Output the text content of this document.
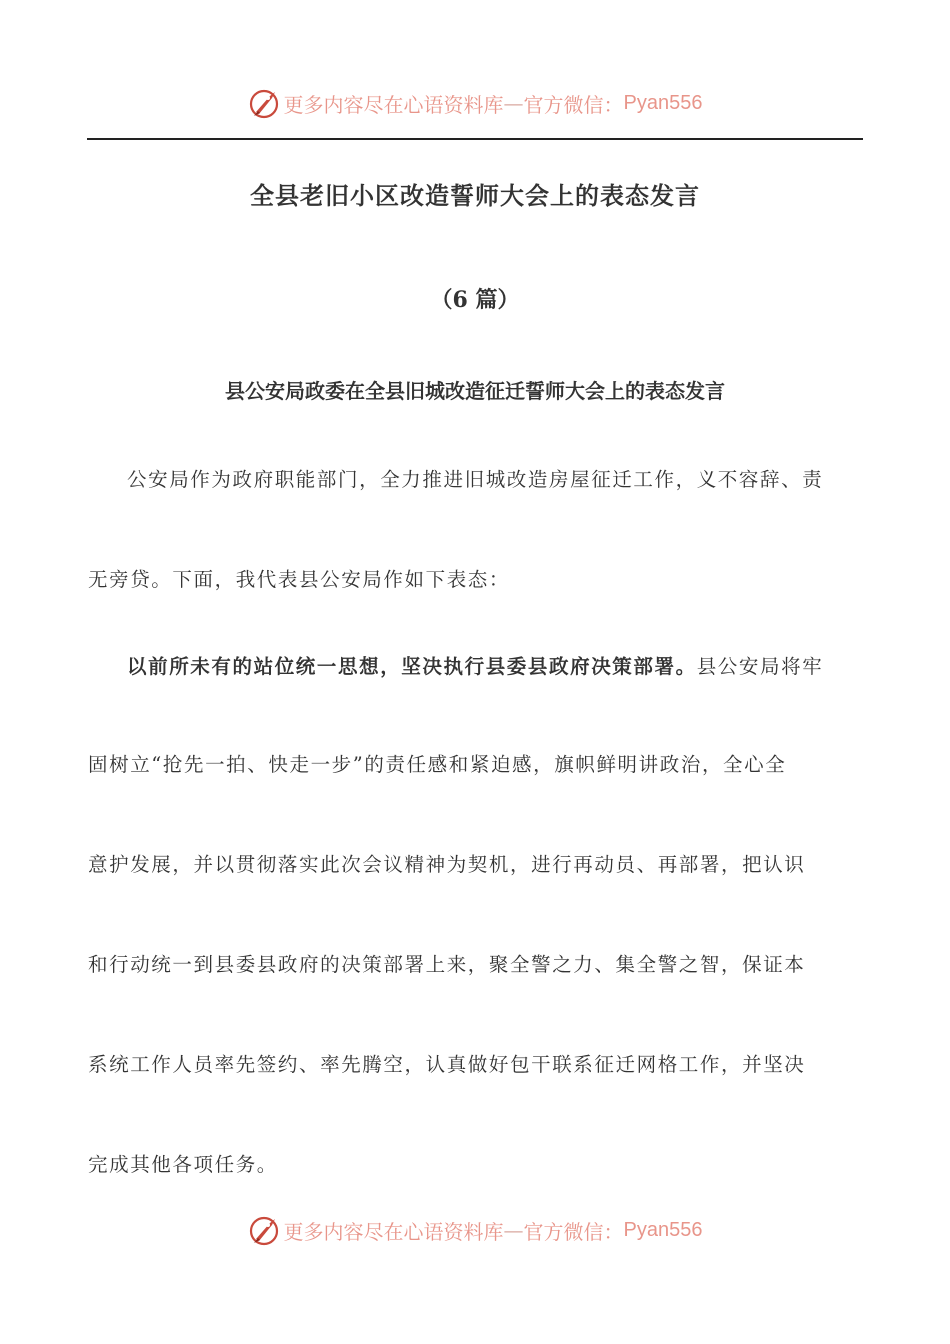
更多内容尽在心语资料库 — 官方微信： Pyan556
全县老旧小区改造誓师大会上的表态发言
（6 篇）
县公安局政委在全县旧城改造征迁誓师大会上的表态发言
公安局作为政府职能部门，全力推进旧城改造房屋征迁工作，义不容辞、责
无旁贷。下面，我代表县公安局作如下表态：
以前所未有的站位统一思想，坚决执行县委县政府决策部署。县公安局将牢
固树立“抢先一拍、快走一步”的责任感和紧迫感，旗帜鲜明讲政治，全心全
意护发展，并以贯彻落实此次会议精神为契机，进行再动员、再部署，把认识
和行动统一到县委县政府的决策部署上来，聚全警之力、集全警之智，保证本
系统工作人员率先签约、率先腾空，认真做好包干联系征迁网格工作，并坚决
完成其他各项任务。
更多内容尽在心语资料库 — 官方微信： Pyan556
